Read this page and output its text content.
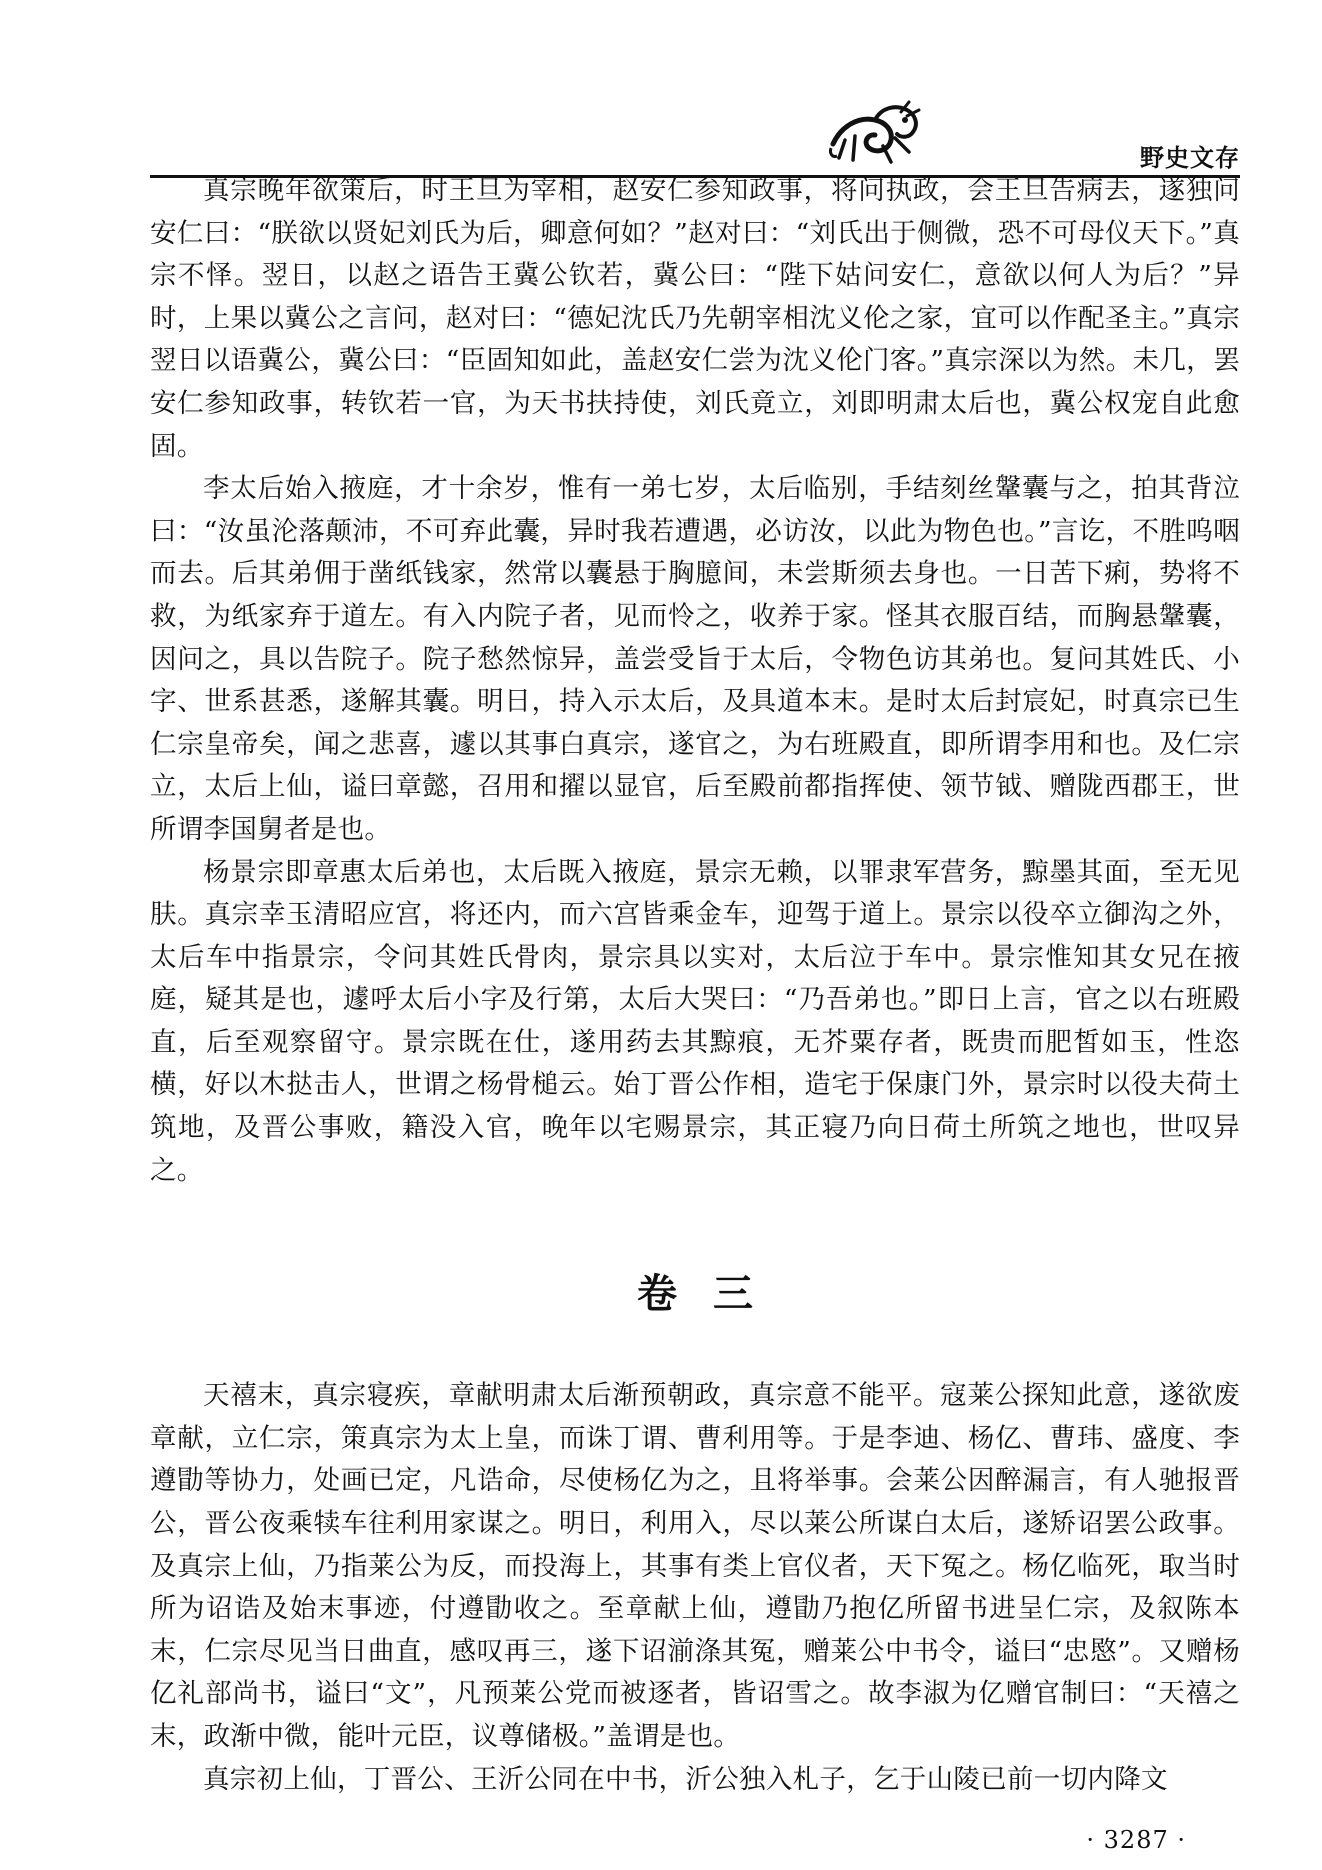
野史文存

真宗晚年欲策后，时王旦为宰相，赵安仁参知政事，将问执政，会王旦告病去，遂独问安仁曰：“朕欲以贤妃刘氏为后，卿意何如？”赵对曰：“刘氏出于侧微，恐不可母仪天下。”真宗不怿。翌日，以赵之语告王冀公钦若，冀公曰：“陛下姑问安仁，意欲以何人为后？”异时，上果以冀公之言问，赵对曰：“德妃沈氏乃先朝宰相沈义伦之家，宜可以作配圣主。”真宗翌日以语冀公，冀公曰：“臣固知如此，盖赵安仁尝为沈义伦门客。”真宗深以为然。未几，罢安仁参知政事，转钦若一官，为天书扶持使，刘氏竟立，刘即明肃太后也，冀公权宠自此愈固。

李太后始入掖庭，才十余岁，惟有一弟七岁，太后临别，手结刻丝鞶囊与之，拍其背泣曰：“汝虽沦落颠沛，不可弃此囊，异时我若遭遇，必访汝，以此为物色也。”言讫，不胜呜咽而去。后其弟佣于凿纸钱家，然常以囊悬于胸臆间，未尝斯须去身也。一日苦下痢，势将不救，为纸家弃于道左。有入内院子者，见而怜之，收养于家。怪其衣服百结，而胸悬鞶囊，因问之，具以告院子。院子愁然惊异，盖尝受旨于太后，令物色访其弟也。复问其姓氏、小字、世系甚悉，遂解其囊。明日，持入示太后，及具道本末。是时太后封宸妃，时真宗已生仁宗皇帝矣，闻之悲喜，遽以其事白真宗，遂官之，为右班殿直，即所谓李用和也。及仁宗立，太后上仙，谥曰章懿，召用和擢以显官，后至殿前都指挥使、领节钺、赠陇西郡王，世所谓李国舅者是也。

杨景宗即章惠太后弟也，太后既入掖庭，景宗无赖，以罪隶军营务，黥墨其面，至无见肤。真宗幸玉清昭应宫，将还内，而六宫皆乘金车，迎驾于道上。景宗以役卒立御沟之外，太后车中指景宗，令问其姓氏骨肉，景宗具以实对，太后泣于车中。景宗惟知其女兄在掖庭，疑其是也，遽呼太后小字及行第，太后大哭曰：“乃吾弟也。”即日上言，官之以右班殿直，后至观察留守。景宗既在仕，遂用药去其黥痕，无芥粟存者，既贵而肥皙如玉，性恣横，好以木挞击人，世谓之杨骨槌云。始丁晋公作相，造宅于保康门外，景宗时以役夫荷土筑地，及晋公事败，籍没入官，晚年以宅赐景宗，其正寝乃向日荷土所筑之地也，世叹异之。

卷三

天禧末，真宗寝疾，章献明肃太后渐预朝政，真宗意不能平。寇莱公探知此意，遂欲废章献，立仁宗，策真宗为太上皇，而诛丁谓、曹利用等。于是李迪、杨亿、曹玮、盛度、李遵勖等协力，处画已定，凡诰命，尽使杨亿为之，且将举事。会莱公因醉漏言，有人驰报晋公，晋公夜乘犊车往利用家谋之。明日，利用入，尽以莱公所谋白太后，遂矫诏罢公政事。及真宗上仙，乃指莱公为反，而投海上，其事有类上官仪者，天下冤之。杨亿临死，取当时所为诏诰及始末事迹，付遵勖收之。至章献上仙，遵勖乃抱亿所留书进呈仁宗，及叙陈本末，仁宗尽见当日曲直，感叹再三，遂下诏湔涤其冤，赠莱公中书令，谥曰“忠愍”。又赠杨亿礼部尚书，谥曰“文”，凡预莱公党而被逐者，皆诏雪之。故李淑为亿赠官制曰：“天禧之末，政渐中微，能叶元臣，议尊储极。”盖谓是也。

真宗初上仙，丁晋公、王沂公同在中书，沂公独入札子，乞于山陵已前一切内降文

· 3287 ·
